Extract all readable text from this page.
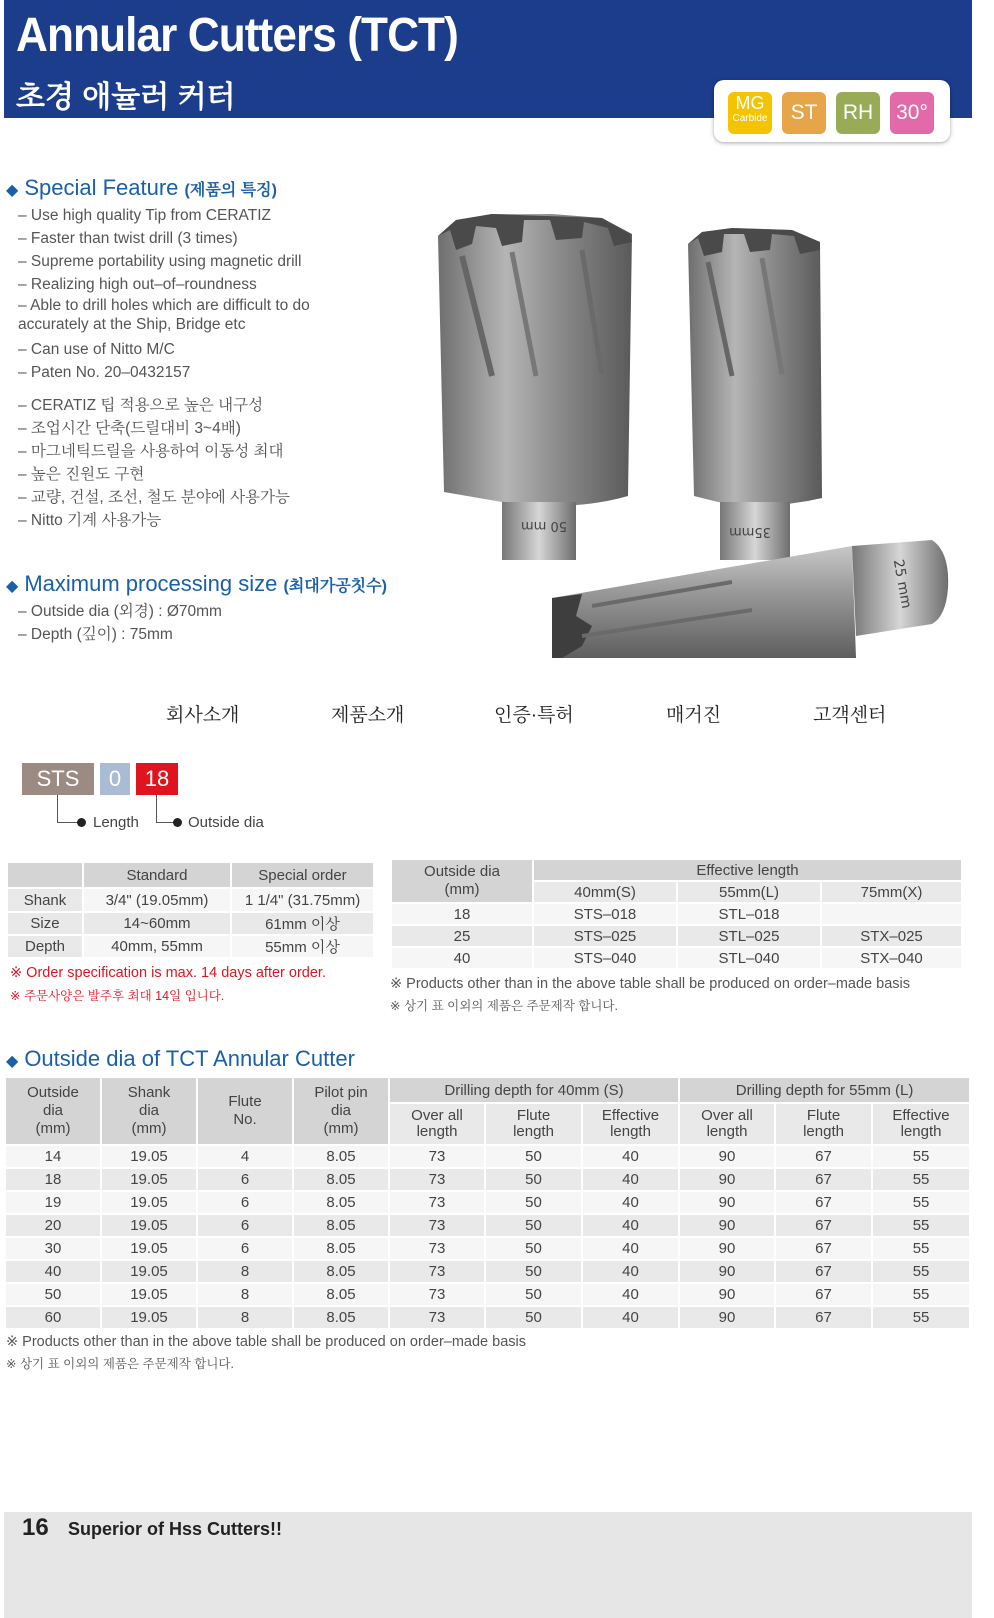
Annular Cutters (TCT)
초경 애뉼러 커터	MG
Carbide	ST	RH	30°
◆ Special Feature (제품의 특징)
– Use high quality Tip from CERATIZ
– Faster than twist drill (3 times)
– Supreme portability using magnetic drill
– Realizing high out–of–roundness
– Able to drill holes which are difficult to do accurately at the Ship, Bridge etc
– Can use of Nitto M/C
– Paten No. 20–0432157
– CERATIZ 팁 적용으로 높은 내구성
– 조업시간 단축(드릴대비 3~4배)
– 마그네틱드릴을 사용하여 이동성 최대
– 높은 진원도 구현
– 교량, 건설, 조선, 철도 분야에 사용가능
– Nitto 기계 사용가능
◆ Maximum processing size (최대가공칫수)
– Outside dia (외경) : Ø70mm
– Depth (깊이) : 75mm
50 mm	35mm
25 mm
회사소개	제품소개	인증·특허	매거진	고객센터
STS	0	18
Length	Outside dia
	Standard	Special order
Shank	3/4" (19.05mm)	1 1/4" (31.75mm)
Size	14~60mm	61mm 이상
Depth	40mm, 55mm	55mm 이상
※ Order specification is max. 14 days after order.
※ 주문사양은 발주후 최대 14일 입니다.
Outside dia
(mm)	Effective length		
	40mm(S)	55mm(L)	75mm(X)
18	STS–018	STL–018	
25	STS–025	STL–025	STX–025
40	STS–040	STL–040	STX–040
※ Products other than in the above table shall be produced on order–made basis
※ 상기 표 이외의 제품은 주문제작 합니다.
◆ Outside dia of TCT Annular Cutter
Outside
dia
(mm)	Shank
dia
(mm)	Flute
No.	Pilot pin
dia
(mm)	Drilling depth for 40mm (S)			Drilling depth for 55mm (L)		
				Over all
length	Flute
length	Effective
length	Over all
length	Flute
length	Effective
length
14	19.05	4	8.05	73	50	40	90	67	55
18	19.05	6	8.05	73	50	40	90	67	55
19	19.05	6	8.05	73	50	40	90	67	55
20	19.05	6	8.05	73	50	40	90	67	55
30	19.05	6	8.05	73	50	40	90	67	55
40	19.05	8	8.05	73	50	40	90	67	55
50	19.05	8	8.05	73	50	40	90	67	55
60	19.05	8	8.05	73	50	40	90	67	55
※ Products other than in the above table shall be produced on order–made basis
※ 상기 표 이외의 제품은 주문제작 합니다.
16 Superior of Hss Cutters!!
